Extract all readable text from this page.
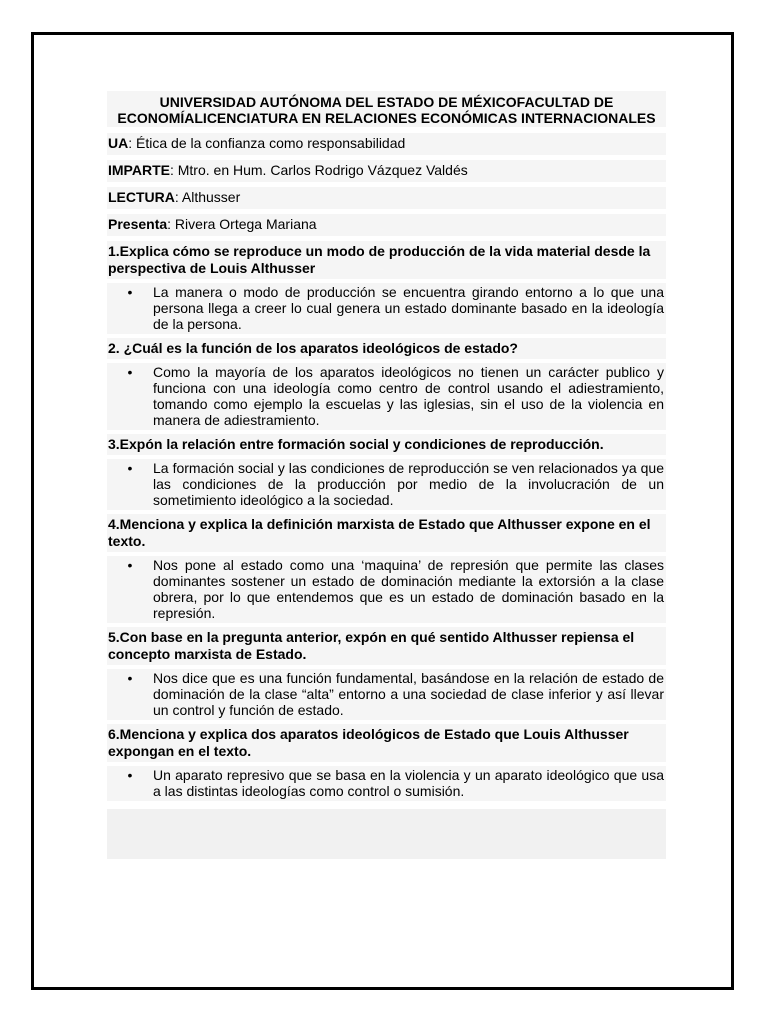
UNIVERSIDAD AUTÓNOMA DEL ESTADO DE MÉXICOFACULTAD DE ECONOMÍALICENCIATURA EN RELACIONES ECONÓMICAS INTERNACIONALES
UA: Ética de la confianza como responsabilidad
IMPARTE: Mtro. en Hum. Carlos Rodrigo Vázquez Valdés
LECTURA: Althusser
Presenta: Rivera Ortega Mariana
1.Explica cómo se reproduce un modo de producción de la vida material desde la perspectiva de Louis Althusser
•	La manera o modo de producción se encuentra girando entorno a lo que una persona llega a creer lo cual genera un estado dominante basado en la ideología de la persona.
2. ¿Cuál es la función de los aparatos ideológicos de estado?
•	Como la mayoría de los aparatos ideológicos no tienen un carácter publico y funciona con una ideología como centro de control usando el adiestramiento, tomando como ejemplo la escuelas y las iglesias, sin el uso de la violencia en manera de adiestramiento.
3.Expón la relación entre formación social y condiciones de reproducción.
•	La formación social y las condiciones de reproducción se ven relacionados ya que las condiciones de la producción por medio de la involucración de un sometimiento ideológico a la sociedad.
4.Menciona y explica la definición marxista de Estado que Althusser expone en el texto.
•	Nos pone al estado como una ‘maquina’ de represión que permite las clases dominantes sostener un estado de dominación mediante la extorsión a la clase obrera, por lo que entendemos que es un estado de dominación basado en la represión.
5.Con base en la pregunta anterior, expón en qué sentido Althusser repiensa el concepto marxista de Estado.
•	Nos dice que es una función fundamental, basándose en la relación de estado de dominación de la clase “alta” entorno a una sociedad de clase inferior y así llevar un control y función de estado.
6.Menciona y explica dos aparatos ideológicos de Estado que Louis Althusser expongan en el texto.
•	Un aparato represivo que se basa en la violencia y un aparato ideológico que usa a las distintas ideologías como control o sumisión.
